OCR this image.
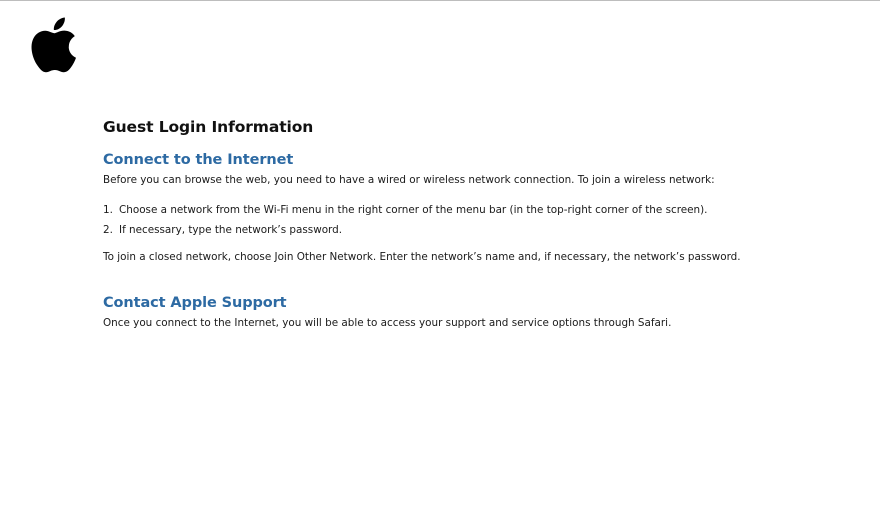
Guest Login Information
Connect to the Internet

Before you can browse the web, you need to have a wired or wireless network connection. To join a wireless network:

1. Choose a network from the Wi-Fi menu in the right corner of the menu bar (in the top-right corner of the screen).
2. If necessary, type the network’s password.

To join a closed network, choose Join Other Network. Enter the network’s name and, if necessary, the network’s password.

Contact Apple Support

Once you connect to the Internet, you will be able to access your support and service options through Safari.
